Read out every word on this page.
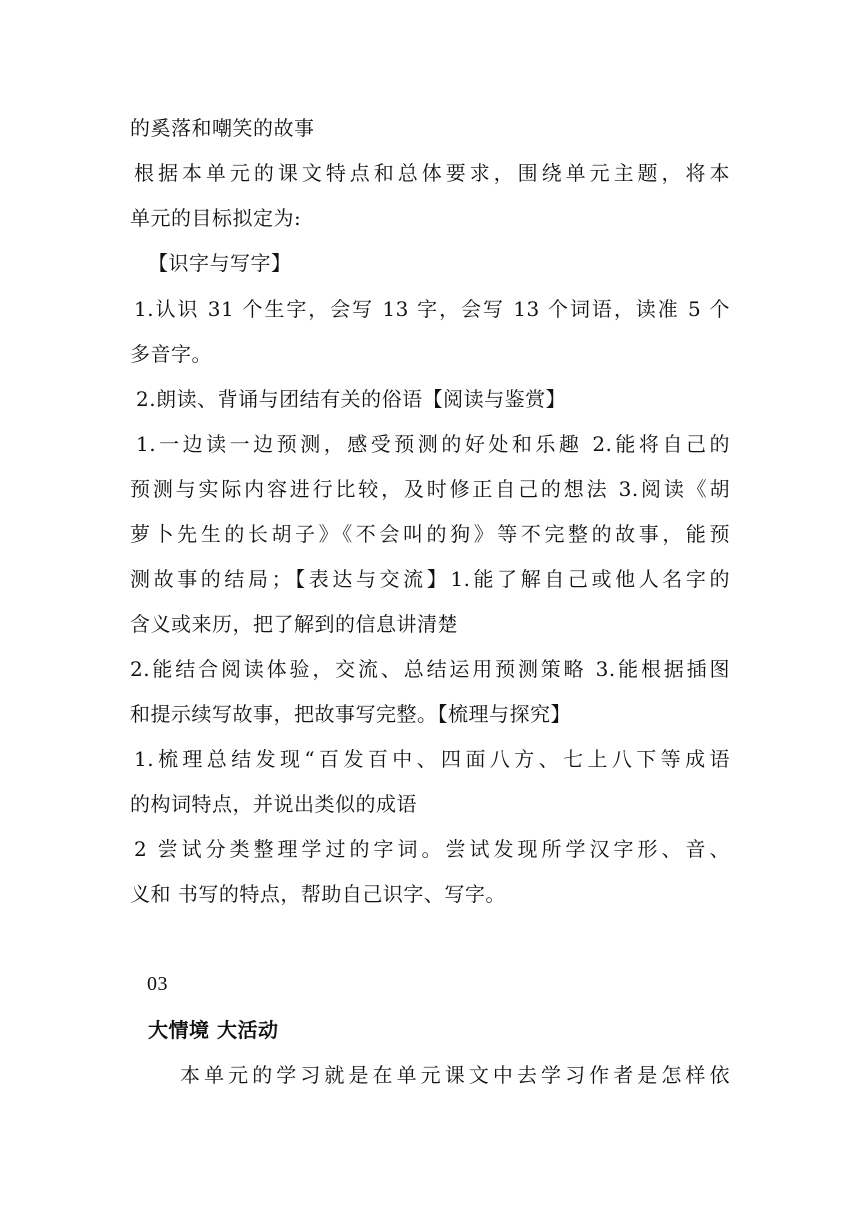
的奚落和嘲笑的故事
根据本单元的课文特点和总体要求，围绕单元主题，将本
单元的目标拟定为:
【识字与写字】
1.认识 31 个生字，会写 13 字，会写 13 个词语，读准 5 个
多音字。
2.朗读、背诵与团结有关的俗语【阅读与鉴赏】
1.一边读一边预测，感受预测的好处和乐趣 2.能将自己的
预测与实际内容进行比较，及时修正自己的想法 3.阅读《胡
萝卜先生的长胡子》《不会叫的狗》等不完整的故事，能预
测故事的结局；【表达与交流】1.能了解自己或他人名字的
含义或来历，把了解到的信息讲清楚
2.能结合阅读体验，交流、总结运用预测策略 3.能根据插图
和提示续写故事，把故事写完整。【梳理与探究】
1.梳理总结发现“百发百中、四面八方、七上八下等成语
的构词特点，并说出类似的成语
2 尝试分类整理学过的字词。尝试发现所学汉字形、音、
义和 书写的特点，帮助自己识字、写字。
03
大情境 大活动
本单元的学习就是在单元课文中去学习作者是怎样依
